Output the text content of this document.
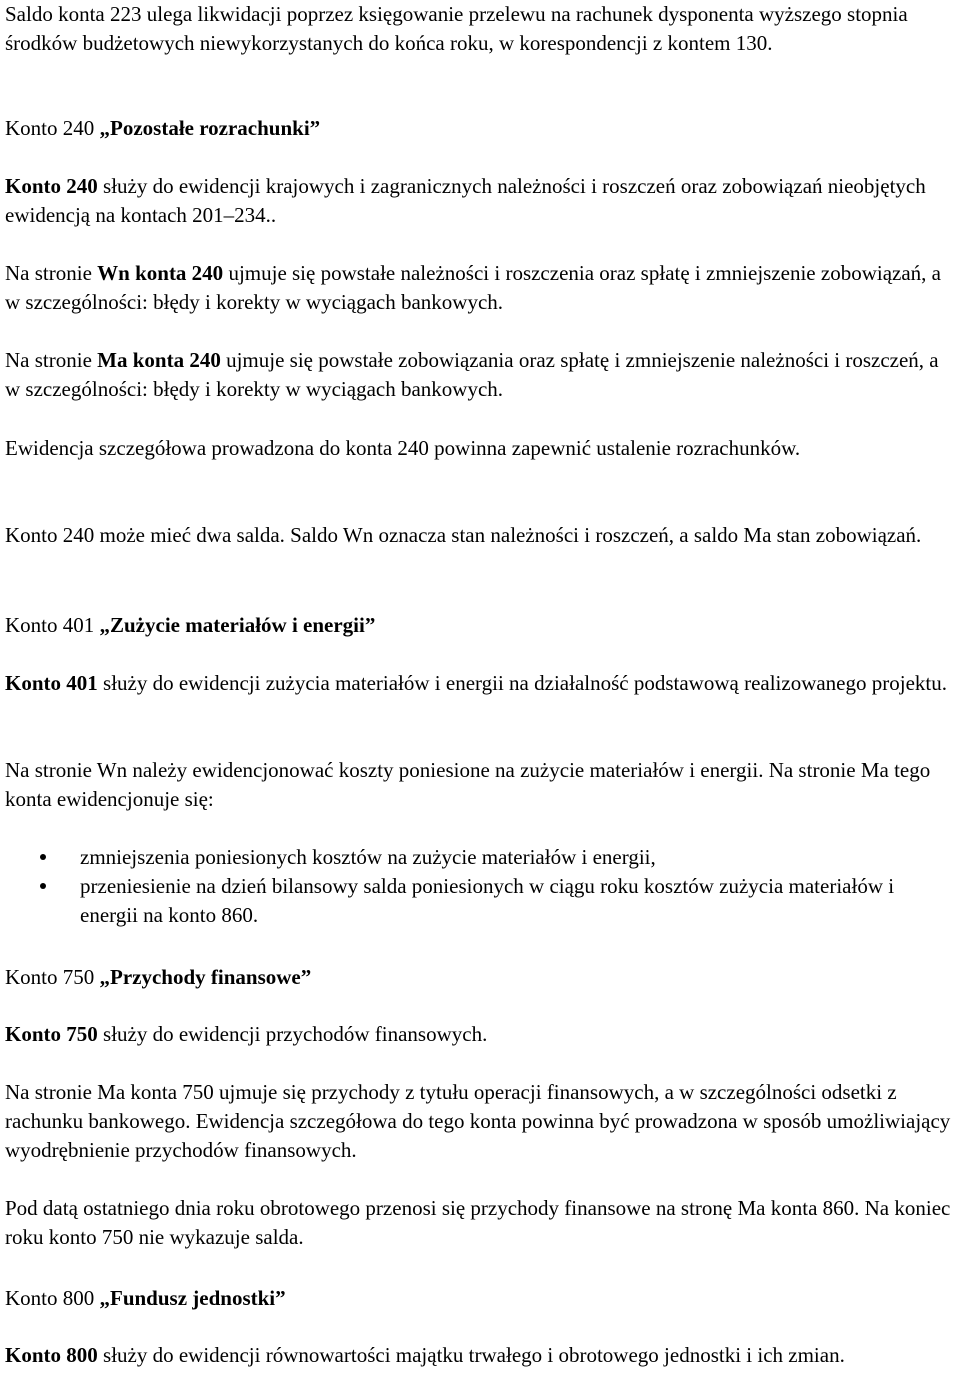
Saldo konta 223 ulega likwidacji poprzez księgowanie przelewu na rachunek dysponenta wyższego stopnia środków budżetowych niewykorzystanych do końca roku, w korespondencji z kontem 130.

Konto 240 „Pozostałe rozrachunki”

Konto 240 służy do ewidencji krajowych i zagranicznych należności i roszczeń oraz zobowiązań nieobjętych ewidencją na kontach 201–234..

Na stronie Wn konta 240 ujmuje się powstałe należności i roszczenia oraz spłatę i zmniejszenie zobowiązań, a w szczególności: błędy i korekty w wyciągach bankowych.

Na stronie Ma konta 240 ujmuje się powstałe zobowiązania oraz spłatę i zmniejszenie należności i roszczeń, a w szczególności: błędy i korekty w wyciągach bankowych.

Ewidencja szczegółowa prowadzona do konta 240 powinna zapewnić ustalenie rozrachunków.

Konto 240 może mieć dwa salda. Saldo Wn oznacza stan należności i roszczeń, a saldo Ma stan zobowiązań.

Konto 401 „Zużycie materiałów i energii”

Konto 401 służy do ewidencji zużycia materiałów i energii na działalność podstawową realizowanego projektu.

Na stronie Wn należy ewidencjonować koszty poniesione na zużycie materiałów i energii. Na stronie Ma tego konta ewidencjonuje się:

zmniejszenia poniesionych kosztów na zużycie materiałów i energii,
przeniesienie na dzień bilansowy salda poniesionych w ciągu roku kosztów zużycia materiałów i energii na konto 860.

Konto 750 „Przychody finansowe”

Konto 750 służy do ewidencji przychodów finansowych.

Na stronie Ma konta 750 ujmuje się przychody z tytułu operacji finansowych, a w szczególności odsetki z rachunku bankowego. Ewidencja szczegółowa do tego konta powinna być prowadzona w sposób umożliwiający wyodrębnienie przychodów finansowych.

Pod datą ostatniego dnia roku obrotowego przenosi się przychody finansowe na stronę Ma konta 860. Na koniec roku konto 750 nie wykazuje salda.

Konto 800 „Fundusz jednostki”

Konto 800 służy do ewidencji równowartości majątku trwałego i obrotowego jednostki i ich zmian.
